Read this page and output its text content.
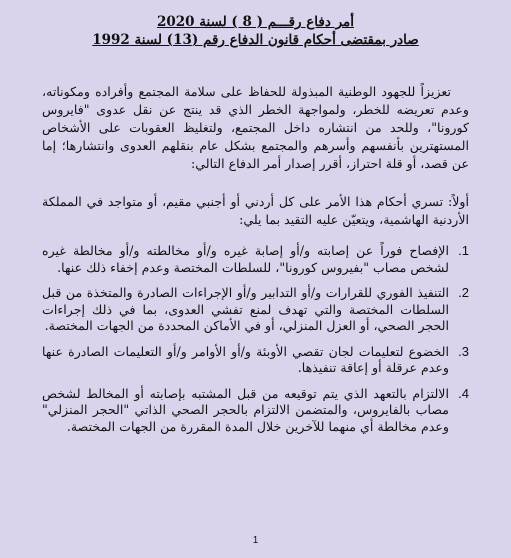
أمر دفاع رقـــم ( 8 ) لسنة 2020
صادر بمقتضى أحكام قانون الدفاع رقم (13) لسنة 1992

تعزيزاً للجهود الوطنية المبذولة للحفاظ على سلامة المجتمع وأفراده ومكوناته، وعدم تعريضه للخطر، ولمواجهة الخطر الذي قد ينتج عن نقل عدوى "فايروس كورونا"، وللحد من انتشاره داخل المجتمع، ولتغليظ العقوبات على الأشخاص المستهترين بأنفسهم وأسرهم والمجتمع بشكل عام بنقلهم العدوى وانتشارها؛ إما عن قصد، أو قلة احتراز، أقرر إصدار أمر الدفاع التالي:

أولاً: تسري أحكام هذا الأمر على كل أردني أو أجنبي مقيم، أو متواجد في المملكة الأردنية الهاشمية، ويتعيّن عليه التقيد بما يلي:

1.
الإفصاح فوراً عن إصابته و/أو إصابة غيره و/أو مخالطته و/أو مخالطة غيره لشخص مصاب "بفيروس كورونا"، للسلطات المختصة وعدم إخفاء ذلك عنها.
2.
التنفيذ الفوري للقرارات و/أو التدابير و/أو الإجراءات الصادرة والمتخذة من قبل السلطات المختصة والتي تهدف لمنع تفشي العدوى، بما في ذلك إجراءات الحجر الصحي، أو العزل المنزلي، أو في الأماكن المحددة من الجهات المختصة.
3.
الخضوع لتعليمات لجان تقصي الأوبئة و/أو الأوامر و/أو التعليمات الصادرة عنها وعدم عرقلة أو إعاقة تنفيذها.
4.
الالتزام بالتعهد الذي يتم توقيعه من قبل المشتبه بإصابته أو المخالط لشخص مصاب بالفايروس، والمتضمن الالتزام بالحجر الصحي الذاتي "الحجر المنزلي" وعدم مخالطة أي منهما للآخرين خلال المدة المقررة من الجهات المختصة.
1
